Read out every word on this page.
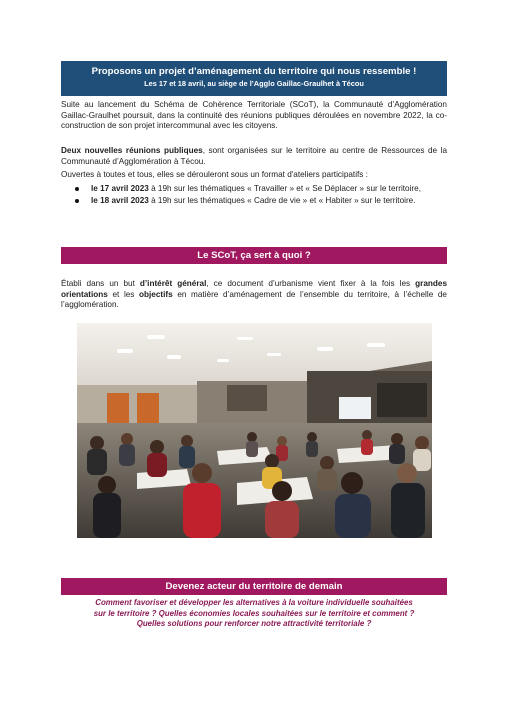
Proposons un projet d’aménagement du territoire qui nous ressemble !
Les 17 et 18 avril, au siège de l’Agglo Gaillac-Graulhet à Técou
Suite au lancement du Schéma de Cohérence Territoriale (SCoT), la Communauté d’Agglomération Gaillac-Graulhet poursuit, dans la continuité des réunions publiques déroulées en novembre 2022, la co-construction de son projet intercommunal avec les citoyens.
Deux nouvelles réunions publiques, sont organisées sur le territoire au centre de Ressources de la Communauté d’Agglomération à Técou.
Ouvertes à toutes et tous, elles se dérouleront sous un format d'ateliers participatifs :
le 17 avril 2023 à 19h sur les thématiques « Travailler » et « Se Déplacer » sur le territoire,
le 18 avril 2023 à 19h sur les thématiques « Cadre de vie » et « Habiter » sur le territoire.
Le SCoT, ça sert à quoi ?
Établi dans un but d’intérêt général, ce document d’urbanisme vient fixer à la fois les grandes orientations et les objectifs en matière d’aménagement de l’ensemble du territoire, à l’échelle de l’agglomération.
Devenez acteur du territoire de demain
Comment favoriser et développer les alternatives à la voiture individuelle souhaitées
sur le territoire ? Quelles économies locales souhaitées sur le territoire et comment ?
Quelles solutions pour renforcer notre attractivité territoriale ?
